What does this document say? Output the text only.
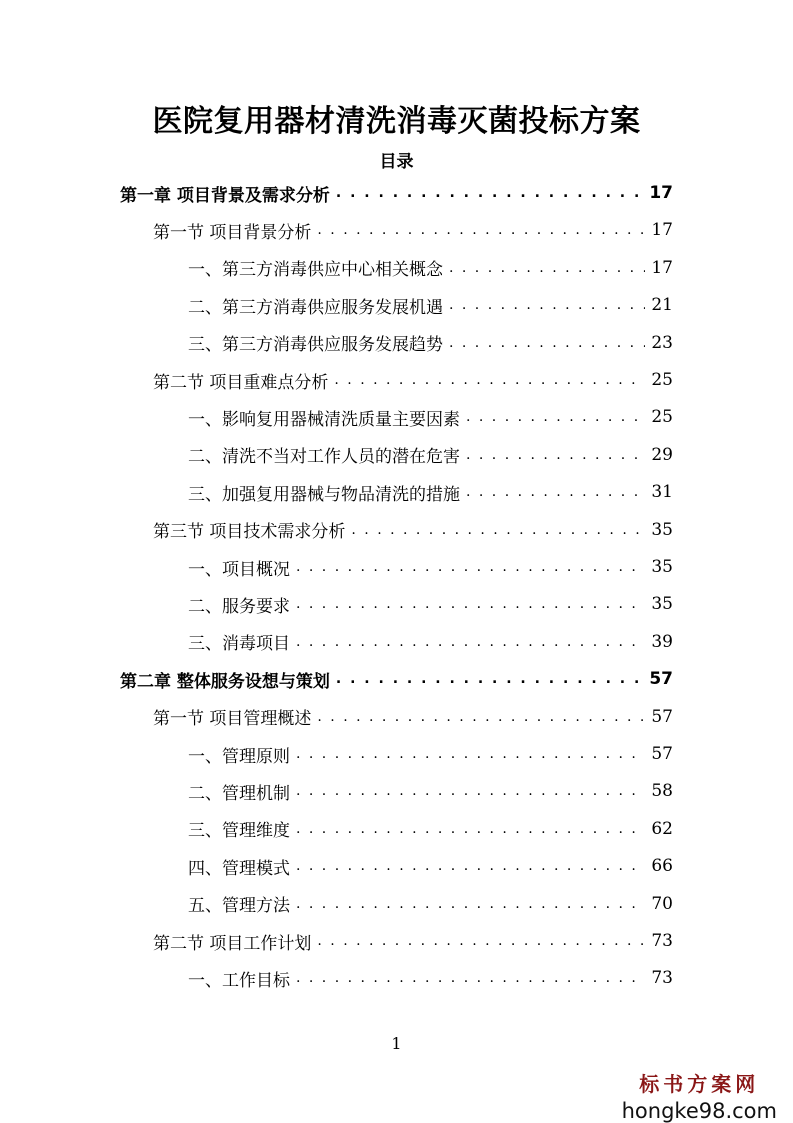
医院复用器材清洗消毒灭菌投标方案
目录
第一章 项目背景及需求分析 . . .	17
第一节 项目背景分析 . . .	17
一、第三方消毒供应中心相关概念 . . .	17
二、第三方消毒供应服务发展机遇 . . .	21
三、第三方消毒供应服务发展趋势 . . .	23
第二节 项目重难点分析 . . .	25
一、影响复用器械清洗质量主要因素 . . .	25
二、清洗不当对工作人员的潜在危害 . . .	29
三、加强复用器械与物品清洗的措施 . . .	31
第三节 项目技术需求分析 . . .	35
一、项目概况 . . .	35
二、服务要求 . . .	35
三、消毒项目 . . .	39
第二章 整体服务设想与策划 . . .	57
第一节 项目管理概述 . . .	57
一、管理原则 . . .	57
二、管理机制 . . .	58
三、管理维度 . . .	62
四、管理模式 . . .	66
五、管理方法 . . .	70
第二节 项目工作计划 . . .	73
一、工作目标 . . .	73
1
标书方案网
hongke98.com
